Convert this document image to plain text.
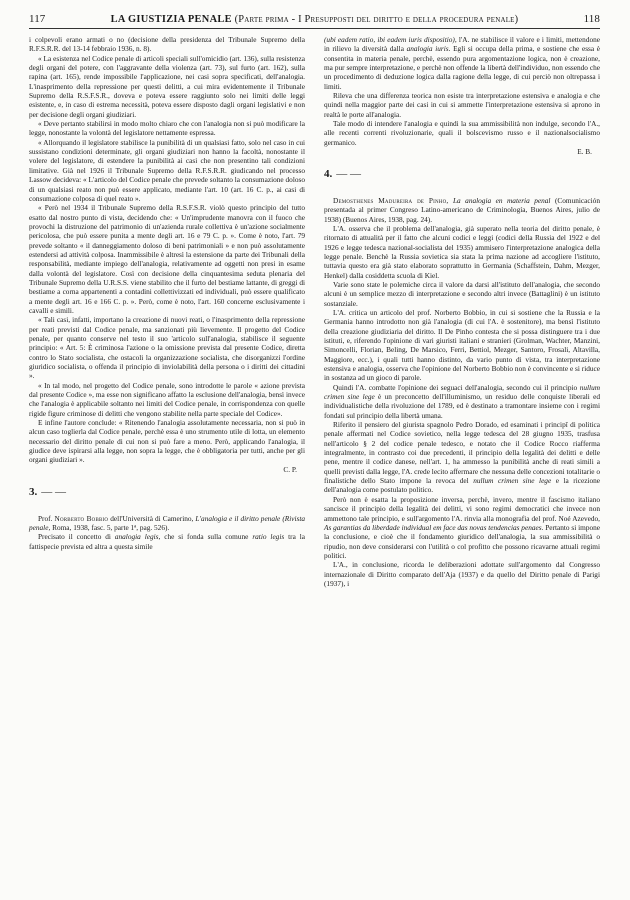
117	LA GIUSTIZIA PENALE (Parte prima - I Presupposti del diritto e della procedura penale)	118

i colpevoli erano armati o no (decisione della presidenza del Tribunale Supremo della R.F.S.R.R. del 13-14 febbraio 1936, n. 8).

« La esistenza nel Codice penale di articoli speciali sull'omicidio (art. 136), sulla resistenza degli organi del potere, con l'aggravante della violenza (art. 73), sul furto (art. 162), sulla rapina (art. 165), rende impossibile l'applicazione, nei casi sopra specificati, dell'analogia. L'inasprimento della repressione per questi delitti, a cui mira evidentemente il Tribunale Supremo della R.S.F.S.R., doveva e poteva essere raggiunto solo nei limiti delle leggi esistente, e, in caso di estrema necessità, poteva essere disposto dagli organi legislativi e non per decisione degli organi giudiziari.

« Deve pertanto stabilirsi in modo molto chiaro che con l'analogia non si può modificare la legge, nonostante la volontà del legislatore nettamente espressa.

« Allorquando il legislatore stabilisce la punibilità di un qualsiasi fatto, solo nel caso in cui sussistano condizioni determinate, gli organi giudiziari non hanno la facoltà, nonostante il volere del legislatore, di estendere la punibilità ai casi che non presentino tali condizioni limitative. Già nel 1926 il Tribunale Supremo della R.F.S.R.R. giudicando nel processo Lassow decideva: « L'articolo del Codice penale che prevede soltanto la consumazione doloso di un qualsiasi reato non può essere applicato, mediante l'art. 10 (art. 16 C. p., ai casi di consumazione colposa di quel reato ».

« Però nel 1934 il Tribunale Supremo della R.S.F.S.R. violò questo principio del tutto esatto dal nostro punto di vista, decidendo che: « Un'imprudente manovra con il fuoco che provochi la distruzione del patrimonio di un'azienda rurale collettiva è un'azione socialmente pericolosa, che può essere punita a mente degli art. 16 e 79 C. p. ». Come è noto, l'art. 79 prevede soltanto « il danneggiamento doloso di beni patrimoniali » e non può assolutamente estendersi ad attività colposa. Inammissibile è altresì la estensione da parte dei Tribunali della responsabilità, mediante impiego dell'analogia, relativamente ad oggetti non presi in esame dalla volontà del legislatore. Così con decisione della cinquantesima seduta plenaria del Tribunale Supremo della U.R.S.S. viene stabilito che il furto del bestiame lattante, di greggi di bestiame a corna appartenenti a contadini collettivizzati ed individuali, può essere qualificato a mente degli art. 16 e 166 C. p. ». Però, come è noto, l'art. 160 concerne esclusivamente i cavalli e simili.

« Tali casi, infatti, importano la creazione di nuovi reati, o l'inasprimento della repressione per reati previsti dal Codice penale, ma sanzionati più lievemente. Il progetto del Codice penale, per quanto conserve nel testo il suo 'articolo sull'analogia, stabilisce il seguente principio: « Art. 5: È criminosa l'azione o la omissione prevista dal presente Codice, diretta contro lo Stato socialista, che ostacoli la organizzazione socialista, che disorganizzi l'ordine giuridico socialista, o offenda il principio di inviolabilità della persona o i diritti dei cittadini ».

« In tal modo, nel progetto del Codice penale, sono introdotte le parole « azione prevista dal presente Codice », ma esse non significano affatto la esclusione dell'analogia, bensì invece che l'analogia è applicabile soltanto nei limiti del Codice penale, in corrispondenza con quelle rigide figure criminose di delitti che vengono stabilite nella parte speciale del Codice».

E infine l'autore conclude: « Ritenendo l'analogia assolutamente necessaria, non si può in alcun caso toglierla dal Codice penale, perchè essa è uno strumento utile di lotta, un elemento necessario del diritto penale di cui non si può fare a meno. Però, applicando l'analogia, il giudice deve ispirarsi alla legge, non sopra la legge, che è obbligatoria per tutti, anche per gli organi giudiziari ».

C. P.

3. — —

Prof. Norberto Bobbio dell'Università di Camerino, L'analogia e il diritto penale (Rivista penale, Roma, 1938, fasc. 5, parte 1ª, pag. 526).

Precisato il concetto di analogia legis, che si fonda sulla comune ratio legis tra la fattispecie prevista ed altra a questa simile

(ubi eadem ratio, ibi eadem iuris dispositio), l'A. ne stabilisce il valore e i limiti, mettendone in rilievo la diversità dalla analogia iuris. Egli si occupa della prima, e sostiene che essa è consentita in materia penale, perchè, essendo pura argomentazione logica, non è creazione, ma pur sempre interpretazione, e perchè non offende la libertà dell'individuo, non essendo che un procedimento di deduzione logica dalla ragione della legge, di cui perciò non oltrepassa i limiti.

Rileva che una differenza teorica non esiste tra interpretazione estensiva e analogia e che quindi nella maggior parte dei casi in cui si ammette l'interpretazione estensiva si aprono in realtà le porte all'analogia.

Tale modo di intendere l'analogia e quindi la sua ammissibilità non indulge, secondo l'A., alle recenti correnti rivoluzionarie, quali il bolscevismo russo e il nazionalsocialismo germanico.

E. B.

4. — —

Demosthenes Madureira de Pinho, La analogia en materia penal (Comunicación presentada al primer Congreso Latino-americano de Criminología, Buenos Aires, julio de 1938) (Buenos Aires, 1938, pag. 24).

L'A. osserva che il problema dell'analogia, già superato nella teoria del diritto penale, è ritornato di attualità per il fatto che alcuni codici e leggi (codici della Russia del 1922 e del 1926 e legge tedesca nazional-socialista del 1935) ammisero l'interpretazione analogica della legge penale. Benchè la Russia sovietica sia stata la prima nazione ad accogliere l'istituto, tuttavia questo era già stato elaborato soprattutto in Germania (Schaffstein, Dahm, Mezger, Henkel) dalla cosiddetta scuola di Kiel.

Varie sono state le polemiche circa il valore da darsi all'istituto dell'analogia, che secondo alcuni è un semplice mezzo di interpretazione e secondo altri invece (Battaglini) è un istituto sostanziale.

L'A. critica un articolo del prof. Norberto Bobbio, in cui si sostiene che la Russia e la Germania hanno introdotto non già l'analogia (di cui l'A. è sostenitore), ma bensì l'istituto della creazione giudiziaria del diritto. Il De Pinho contesta che si possa distinguere tra i due istituti, e, riferendo l'opinione di vari giuristi italiani e stranieri (Grolman, Wachter, Manzini, Simoncelli, Florian, Beling, De Marsico, Ferri, Bettiol, Mezger, Santoro, Frosali, Altavilla, Maggiore, ecc.), i quali tutti hanno distinto, da vario punto di vista, tra interpretazione estensiva e analogia, osserva che l'opinione del Norberto Bobbio non è convincente e si riduce in sostanza ad un gioco di parole.

Quindi l'A. combatte l'opinione dei seguaci dell'analogia, secondo cui il principio nullum crimen sine lege è un preconcetto dell'illuminismo, un residuo delle conquiste liberali ed individualistiche della rivoluzione del 1789, ed è destinato a tramontare insieme con i regimi fondati sul principio della libertà umana.

Riferito il pensiero del giurista spagnolo Pedro Dorado, ed esaminati i principî di politica penale affermati nel Codice sovietico, nella legge tedesca del 28 giugno 1935, trasfusa nell'articolo § 2 del codice penale tedesco, e notato che il Codice Rocco riafferma integralmente, in contrasto coi due precedenti, il principio della legalità dei delitti e delle pene, mentre il codice danese, nell'art. 1, ha ammesso la punibilità anche di reati simili a quelli previsti dalla legge, l'A. crede lecito affermare che nessuna delle concezioni totalitarie o finalistiche dello Stato impone la revoca del nullum crimen sine lege e la ricezione dell'analogia come postulato politico.

Però non è esatta la proposizione inversa, perchè, invero, mentre il fascismo italiano sancisce il principio della legalità dei delitti, vi sono regimi democratici che invece non ammettono tale principio, e sull'argomento l'A. rinvia alla monografia del prof. Noé Azevedo, As garantias da liberdade individual em face das novas tendencias penaes. Pertanto si impone la conclusione, e cioè che il fondamento giuridico dell'analogia, la sua ammissibilità o ripudio, non deve considerarsi con l'utilità o col profitto che possono ricavarne attuali regimi politici.

L'A., in conclusione, ricorda le deliberazioni adottate sull'argomento dal Congresso internazionale di Diritto comparato dell'Aja (1937) e da quello del Diritto penale di Parigi (1937), i
